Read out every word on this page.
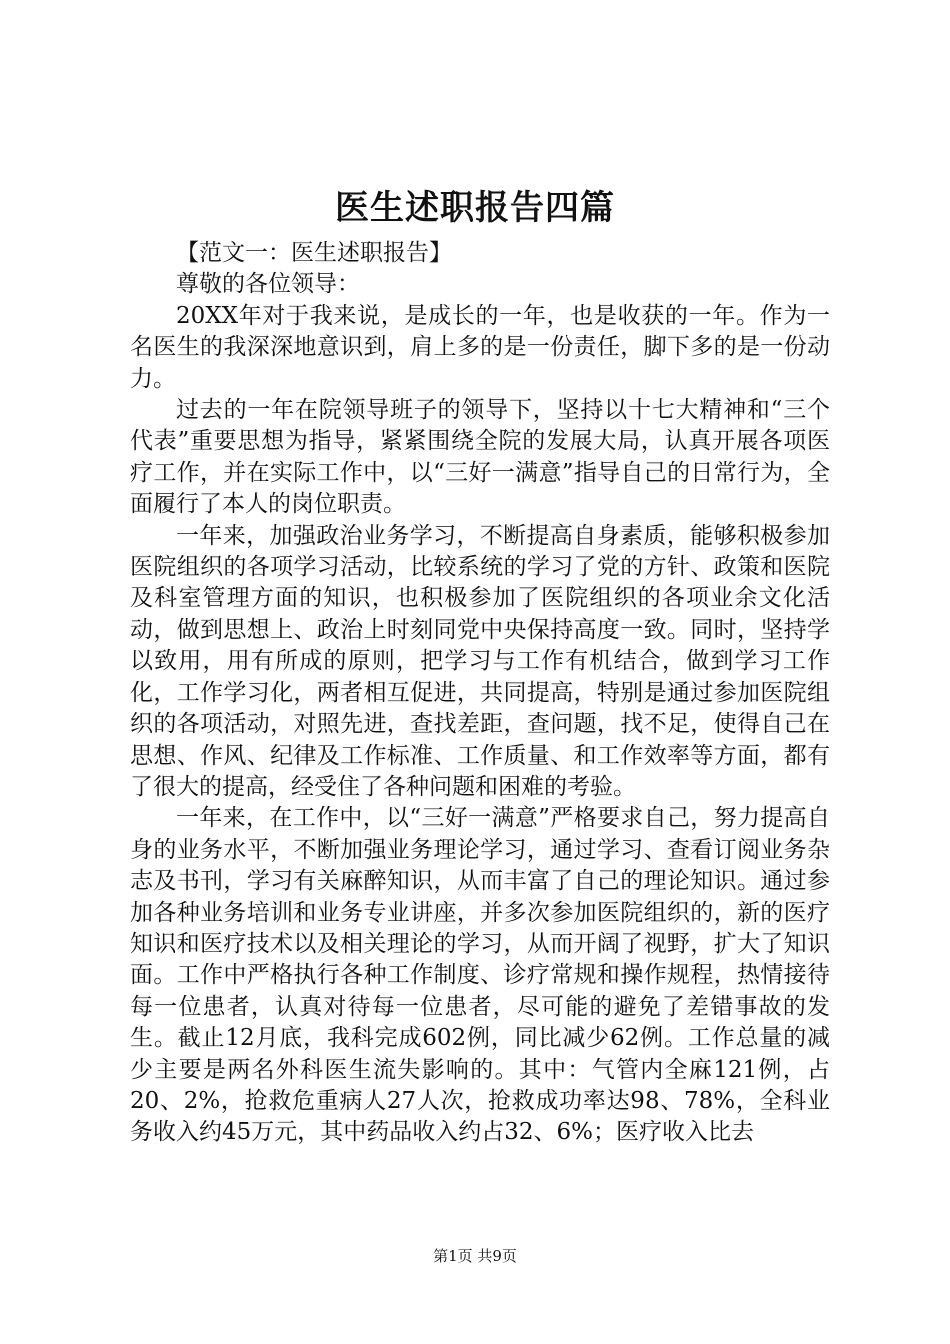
医生述职报告四篇

【范文一：医生述职报告】

尊敬的各位领导：

20XX年对于我来说，是成长的一年，也是收获的一年。作为一名医生的我深深地意识到，肩上多的是一份责任，脚下多的是一份动力。

过去的一年在院领导班子的领导下，坚持以十七大精神和“三个代表”重要思想为指导，紧紧围绕全院的发展大局，认真开展各项医疗工作，并在实际工作中，以“三好一满意”指导自己的日常行为，全面履行了本人的岗位职责。

一年来，加强政治业务学习，不断提高自身素质，能够积极参加医院组织的各项学习活动，比较系统的学习了党的方针、政策和医院及科室管理方面的知识，也积极参加了医院组织的各项业余文化活动，做到思想上、政治上时刻同党中央保持高度一致。同时，坚持学以致用，用有所成的原则，把学习与工作有机结合，做到学习工作化，工作学习化，两者相互促进，共同提高，特别是通过参加医院组织的各项活动，对照先进，查找差距，查问题，找不足，使得自己在思想、作风、纪律及工作标准、工作质量、和工作效率等方面，都有了很大的提高，经受住了各种问题和困难的考验。

一年来，在工作中，以“三好一满意”严格要求自己，努力提高自身的业务水平，不断加强业务理论学习，通过学习、查看订阅业务杂志及书刊，学习有关麻醉知识，从而丰富了自己的理论知识。通过参加各种业务培训和业务专业讲座，并多次参加医院组织的，新的医疗知识和医疗技术以及相关理论的学习，从而开阔了视野，扩大了知识面。工作中严格执行各种工作制度、诊疗常规和操作规程，热情接待每一位患者，认真对待每一位患者，尽可能的避免了差错事故的发生。截止12月底，我科完成602例，同比减少62例。工作总量的减少主要是两名外科医生流失影响的。其中：气管内全麻121例，占20、2%，抢救危重病人27人次，抢救成功率达98、78%，全科业务收入约45万元，其中药品收入约占32、6%；医疗收入比去

第1页 共9页
